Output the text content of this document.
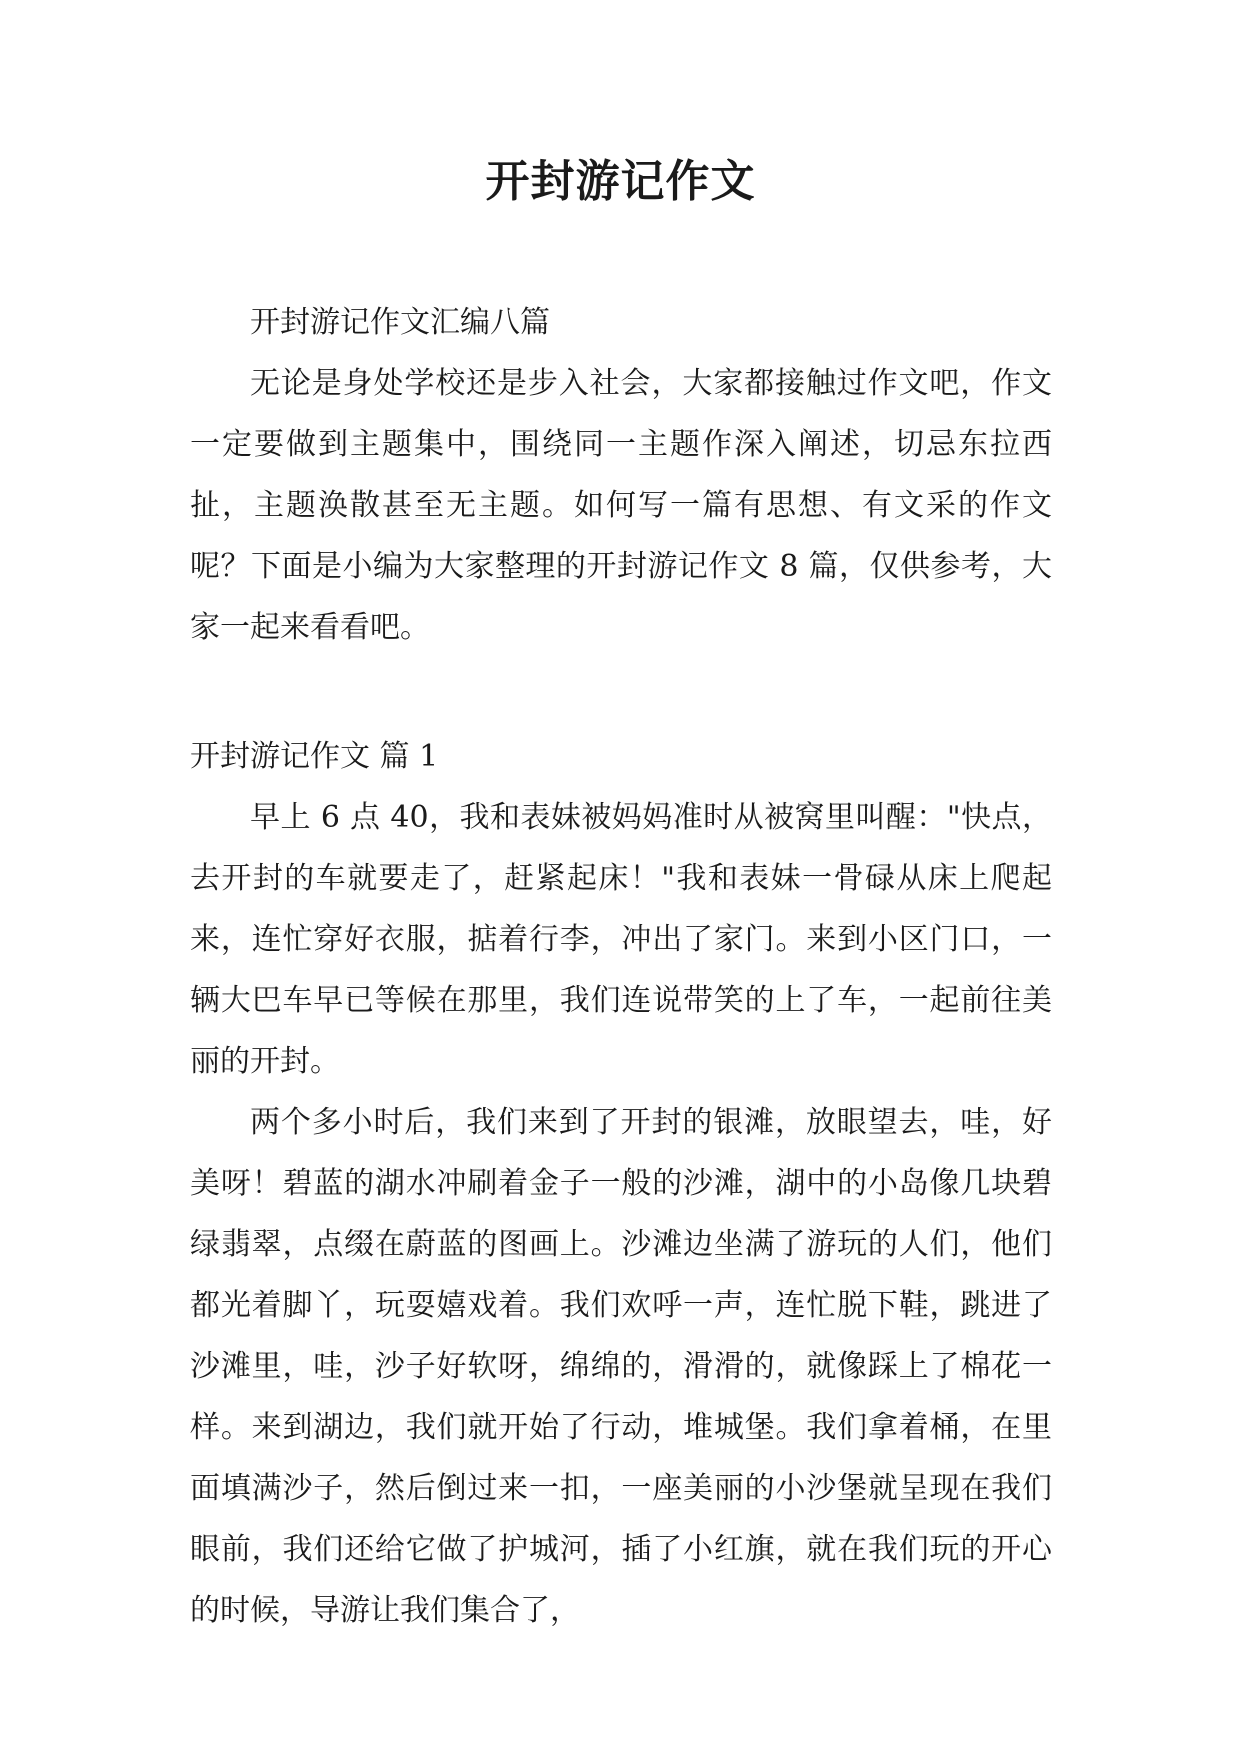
开封游记作文

开封游记作文汇编八篇

无论是身处学校还是步入社会，大家都接触过作文吧，作文一定要做到主题集中，围绕同一主题作深入阐述，切忌东拉西扯，主题涣散甚至无主题。如何写一篇有思想、有文采的作文呢？下面是小编为大家整理的开封游记作文 8 篇，仅供参考，大家一起来看看吧。

开封游记作文 篇 1

早上 6 点 40，我和表妹被妈妈准时从被窝里叫醒："快点，去开封的车就要走了，赶紧起床！"我和表妹一骨碌从床上爬起来，连忙穿好衣服，掂着行李，冲出了家门。来到小区门口，一辆大巴车早已等候在那里，我们连说带笑的上了车，一起前往美丽的开封。

两个多小时后，我们来到了开封的银滩，放眼望去，哇，好美呀！碧蓝的湖水冲刷着金子一般的沙滩，湖中的小岛像几块碧绿翡翠，点缀在蔚蓝的图画上。沙滩边坐满了游玩的人们，他们都光着脚丫，玩耍嬉戏着。我们欢呼一声，连忙脱下鞋，跳进了沙滩里，哇，沙子好软呀，绵绵的，滑滑的，就像踩上了棉花一样。来到湖边，我们就开始了行动，堆城堡。我们拿着桶，在里面填满沙子，然后倒过来一扣，一座美丽的小沙堡就呈现在我们眼前，我们还给它做了护城河，插了小红旗，就在我们玩的开心的时候，导游让我们集合了，
